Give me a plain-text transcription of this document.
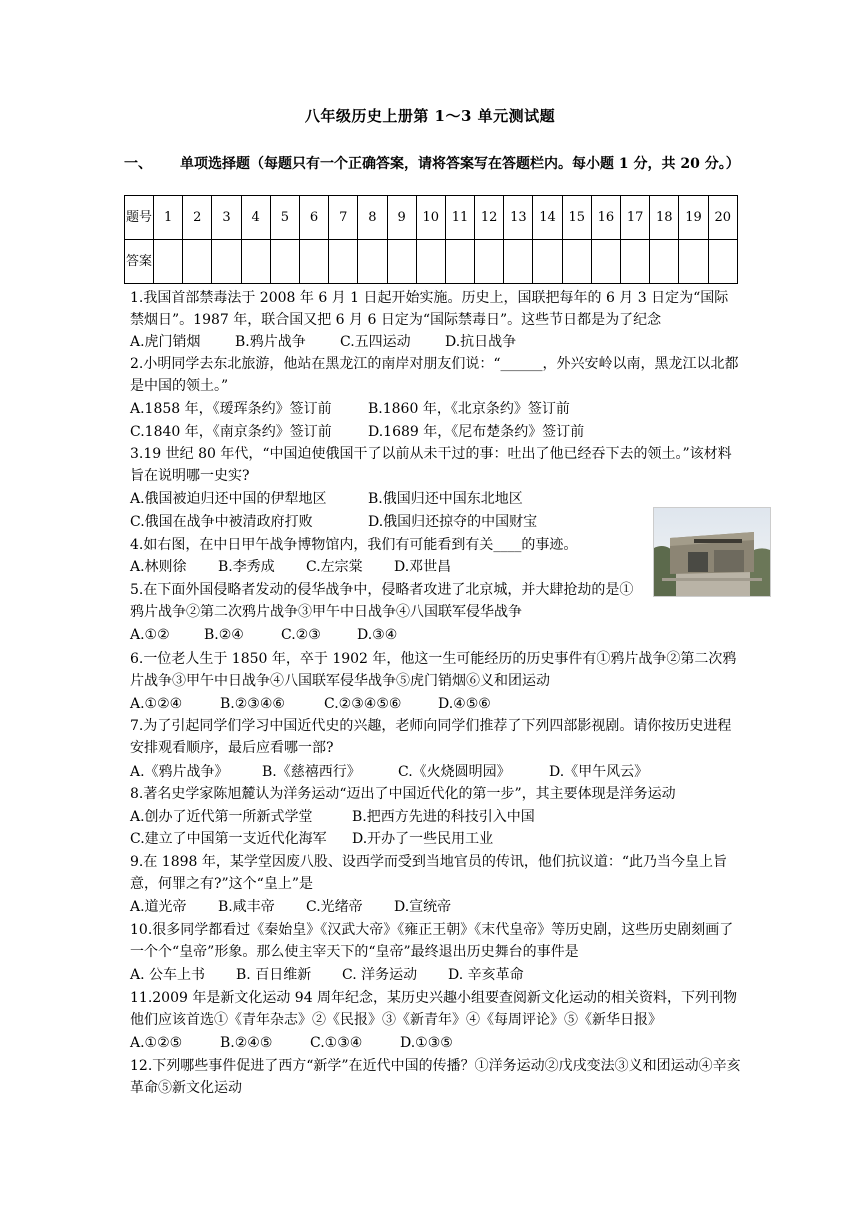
八年级历史上册第 1～3 单元测试题
一、 单项选择题（每题只有一个正确答案，请将答案写在答题栏内。每小题 1 分，共 20 分。）
题号	1	2	3	4	5	6	7	8	9	10	11	12	13	14	15	16	17	18	19	20
答案																				
1.我国首部禁毒法于 2008 年 6 月 1 日起开始实施。历史上，国联把每年的 6 月 3 日定为“国际禁烟日”。1987 年，联合国又把 6 月 6 日定为“国际禁毒日”。这些节日都是为了纪念
A.虎门销烟 B.鸦片战争 C.五四运动 D.抗日战争
2.小明同学去东北旅游，他站在黑龙江的南岸对朋友们说：“______，外兴安岭以南，黑龙江以北都是中国的领土。”
A.1858 年，《瑷珲条约》签订前	B.1860 年，《北京条约》签订前
C.1840 年，《南京条约》签订前	D.1689 年，《尼布楚条约》签订前
3.19 世纪 80 年代，“中国迫使俄国干了以前从未干过的事：吐出了他已经吞下去的领土。”该材料旨在说明哪一史实?
A.俄国被迫归还中国的伊犁地区	B.俄国归还中国东北地区
C.俄国在战争中被清政府打败	D.俄国归还掠夺的中国财宝
4.如右图，在中日甲午战争博物馆内，我们有可能看到有关____的事迹。
A.林则徐 B.李秀成 C.左宗棠 D.邓世昌
5.在下面外国侵略者发动的侵华战争中，侵略者攻进了北京城，并大肆抢劫的是①鸦片战争②第二次鸦片战争③甲午中日战争④八国联军侵华战争
A.①② B.②④	C.②③	D.③④
6.一位老人生于 1850 年，卒于 1902 年，他这一生可能经历的历史事件有①鸦片战争②第二次鸦片战争③甲午中日战争④八国联军侵华战争⑤虎门销烟⑥义和团运动
A.①②④	B.②③④⑥	C.②③④⑤⑥	D.④⑤⑥
7.为了引起同学们学习中国近代史的兴趣，老师向同学们推荐了下列四部影视剧。请你按历史进程安排观看顺序，最后应看哪一部?
A.《鸦片战争》 B.《慈禧西行》	C.《火烧圆明园》	D.《甲午风云》
8.著名史学家陈旭麓认为洋务运动“迈出了中国近代化的第一步”，其主要体现是洋务运动
A.创办了近代第一所新式学堂	B.把西方先进的科技引入中国
C.建立了中国第一支近代化海军 D.开办了一些民用工业
9.在 1898 年，某学堂因废八股、设西学而受到当地官员的传讯，他们抗议道：“此乃当今皇上旨意，何罪之有?”这个“皇上”是
A.道光帝 B.咸丰帝 C.光绪帝 D.宣统帝
10.很多同学都看过《秦始皇》《汉武大帝》《雍正王朝》《末代皇帝》等历史剧，这些历史剧刻画了一个个“皇帝”形象。那么使主宰天下的“皇帝”最终退出历史舞台的事件是
A. 公车上书 B. 百日维新 C. 洋务运动 D. 辛亥革命
11.2009 年是新文化运动 94 周年纪念，某历史兴趣小组要查阅新文化运动的相关资料，下列刊物他们应该首选①《青年杂志》②《民报》③《新青年》④《每周评论》⑤《新华日报》
A.①②⑤	B.②④⑤	C.①③④	D.①③⑤
12.下列哪些事件促进了西方“新学”在近代中国的传播？①洋务运动②戊戌变法③义和团运动④辛亥革命⑤新文化运动
